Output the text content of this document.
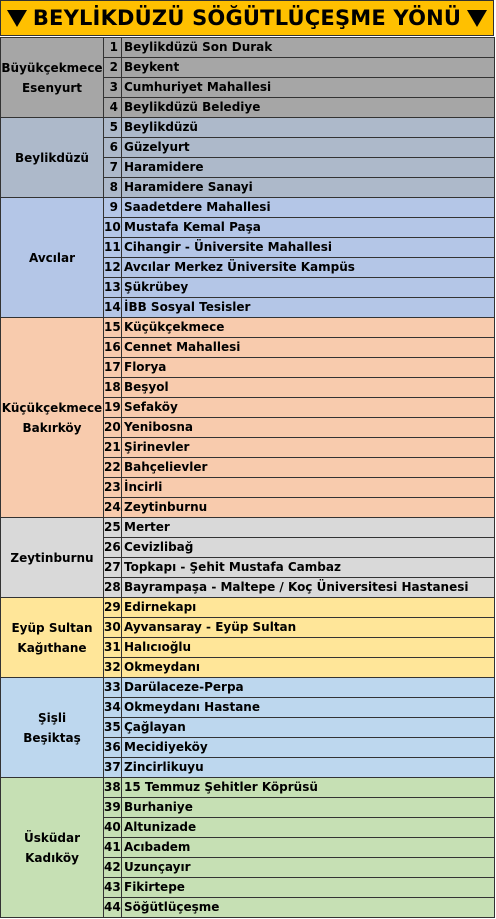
BEYLİKDÜZÜ SÖĞÜTLÜÇEŞME YÖNÜ
Büyükçekmece
Esenyurt	1	Beylikdüzü Son Durak
	2	Beykent
	3	Cumhuriyet Mahallesi
	4	Beylikdüzü Belediye

Beylikdüzü	5	Beylikdüzü
	6	Güzelyurt
	7	Haramidere
	8	Haramidere Sanayi

Avcılar	9	Saadetdere Mahallesi
	10	Mustafa Kemal Paşa
	11	Cihangir - Üniversite Mahallesi
	12	Avcılar Merkez Üniversite Kampüs
	13	Şükrübey
	14	İBB Sosyal Tesisler

Küçükçekmece
Bakırköy	15	Küçükçekmece
	16	Cennet Mahallesi
	17	Florya
	18	Beşyol
	19	Sefaköy
	20	Yenibosna
	21	Şirinevler
	22	Bahçelievler
	23	İncirli
	24	Zeytinburnu

Zeytinburnu	25	Merter
	26	Cevizlibağ
	27	Topkapı - Şehit Mustafa Cambaz
	28	Bayrampaşa - Maltepe / Koç Üniversitesi Hastanesi

Eyüp Sultan
Kağıthane	29	Edirnekapı
	30	Ayvansaray - Eyüp Sultan
	31	Halıcıoğlu
	32	Okmeydanı

Şişli
Beşiktaş	33	Darülaceze-Perpa
	34	Okmeydanı Hastane
	35	Çağlayan
	36	Mecidiyeköy
	37	Zincirlikuyu

Üsküdar
Kadıköy	38	15 Temmuz Şehitler Köprüsü
	39	Burhaniye
	40	Altunizade
	41	Acıbadem
	42	Uzunçayır
	43	Fikirtepe
	44	Söğütlüçeşme
